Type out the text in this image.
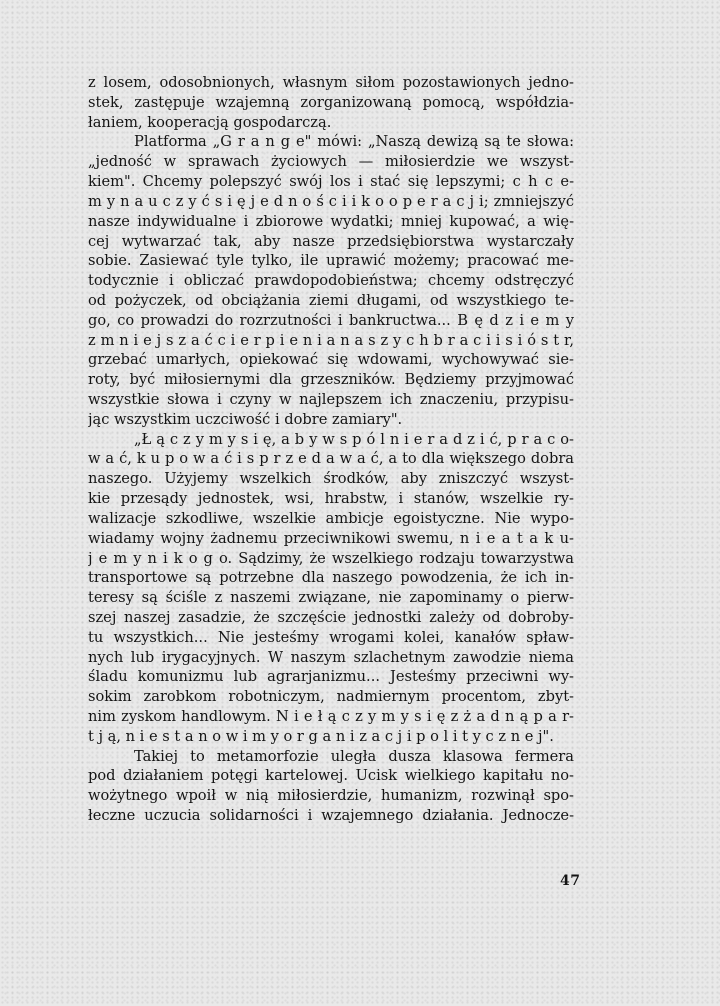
z losem, odosobnionych, własnym siłom pozostawionych jedno-
stek, zastępuje wzajemną zorganizowaną pomocą, współdzia-
łaniem, kooperacją gospodarczą.
Platforma „G r a n g e" mówi: „Naszą dewizą są te słowa:
„jedność w sprawach życiowych — miłosierdzie we wszyst-
kiem". Chcemy polepszyć swój los i stać się lepszymi; c h c e-
m y n a u c z y ć s i ę j e d n o ś c i i k o o p e r a c j i; zmniejszyć
nasze indywidualne i zbiorowe wydatki; mniej kupować, a wię-
cej wytwarzać tak, aby nasze przedsiębiorstwa wystarczały
sobie. Zasiewać tyle tylko, ile uprawić możemy; pracować me-
todycznie i obliczać prawdopodobieństwa; chcemy odstręczyć
od pożyczek, od obciążania ziemi długami, od wszystkiego te-
go, co prowadzi do rozrzutności i bankructwa... B ę d z i e m y
z m n i e j s z a ć c i e r p i e n i a n a s z y c h b r a c i i s i ó s t r,
grzebać umarłych, opiekować się wdowami, wychowywać sie-
roty, być miłosiernymi dla grzeszników. Będziemy przyjmować
wszystkie słowa i czyny w najlepszem ich znaczeniu, przypisu-
jąc wszystkim uczciwość i dobre zamiary".
„Ł ą c z y m y s i ę, a b y w s p ó l n i e r a d z i ć, p r a c o-
w a ć, k u p o w a ć i s p r z e d a w a ć, a to dla większego dobra
naszego. Użyjemy wszelkich środków, aby zniszczyć wszyst-
kie przesądy jednostek, wsi, hrabstw, i stanów, wszelkie ry-
walizacje szkodliwe, wszelkie ambicje egoistyczne. Nie wypo-
wiadamy wojny żadnemu przeciwnikowi swemu, n i e a t a k u-
j e m y n i k o g o. Sądzimy, że wszelkiego rodzaju towarzystwa
transportowe są potrzebne dla naszego powodzenia, że ich in-
teresy są ściśle z naszemi związane, nie zapominamy o pierw-
szej naszej zasadzie, że szczęście jednostki zależy od dobroby-
tu wszystkich... Nie jesteśmy wrogami kolei, kanałów spław-
nych lub irygacyjnych. W naszym szlachetnym zawodzie niema
śladu komunizmu lub agrarjanizmu... Jesteśmy przeciwni wy-
sokim zarobkom robotniczym, nadmiernym procentom, zbyt-
nim zyskom handlowym. N i e ł ą c z y m y s i ę z ż a d n ą p a r-
t j ą, n i e s t a n o w i m y o r g a n i z a c j i p o l i t y c z n e j".
Takiej to metamorfozie uległa dusza klasowa fermera
pod działaniem potęgi kartelowej. Ucisk wielkiego kapitału no-
wożytnego wpoił w nią miłosierdzie, humanizm, rozwinął spo-
łeczne uczucia solidarności i wzajemnego działania. Jednocze-
47
